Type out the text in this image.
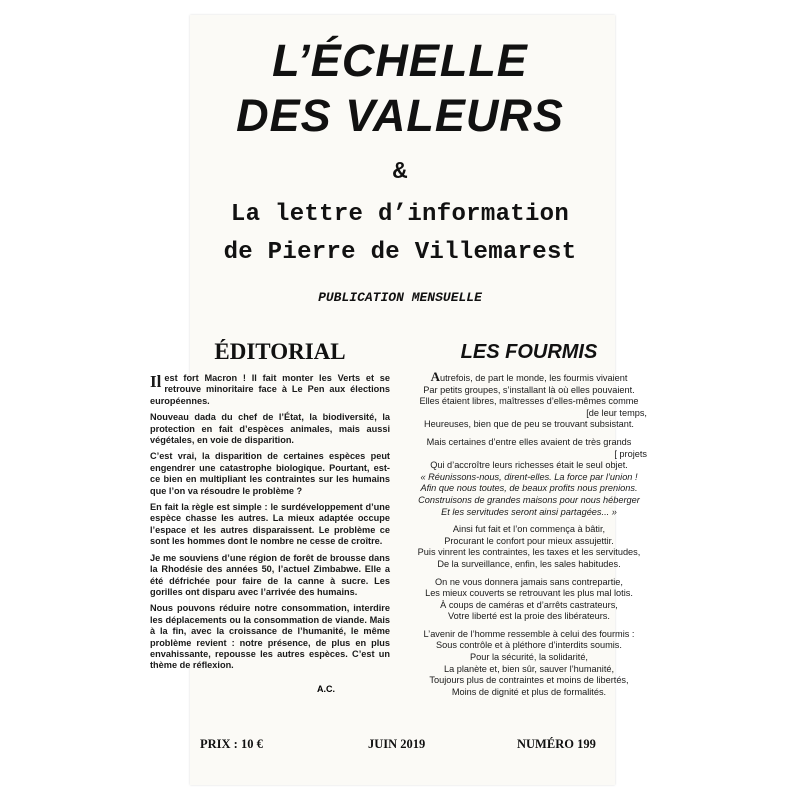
L’ÉCHELLE
DES VALEURS
&
La lettre d’information
de Pierre de Villemarest
PUBLICATION MENSUELLE
ÉDITORIAL

Il est fort Macron ! Il fait monter les Verts et se retrouve minoritaire face à Le Pen aux élections européennes.

Nouveau dada du chef de l’État, la biodiversité, la protection en fait d’espèces animales, mais aussi végétales, en voie de disparition.

C’est vrai, la disparition de certaines espèces peut engendrer une catastrophe biologique. Pourtant, est-ce bien en multipliant les contraintes sur les humains que l’on va résoudre le problème ?

En fait la règle est simple : le surdéveloppement d’une espèce chasse les autres. La mieux adaptée occupe l’espace et les autres disparaissent. Le problème ce sont les hommes dont le nombre ne cesse de croître.

Je me souviens d’une région de forêt de brousse dans la Rhodésie des années 50, l’actuel Zimbabwe. Elle a été défrichée pour faire de la canne à sucre. Les gorilles ont disparu avec l’arrivée des humains.

Nous pouvons réduire notre consommation, interdire les déplacements ou la consommation de viande. Mais à la fin, avec la croissance de l’humanité, le même problème revient : notre présence, de plus en plus envahissante, repousse les autres espèces. C’est un thème de réflexion.

A.C.
LES FOURMIS
Autrefois, de part le monde, les fourmis vivaient
Par petits groupes, s’installant là où elles pouvaient.
Elles étaient libres, maîtresses d’elles-mêmes comme
[de leur temps,
Heureuses, bien que de peu se trouvant subsistant.
Mais certaines d’entre elles avaient de très grands
[ projets
Qui d’accroître leurs richesses était le seul objet.
« Réunissons-nous, dirent-elles. La force par l’union !
Afin que nous toutes, de beaux profits nous prenions.
Construisons de grandes maisons pour nous héberger
Et les servitudes seront ainsi partagées... »
Ainsi fut fait et l’on commença à bâtir,
Procurant le confort pour mieux assujettir.
Puis vinrent les contraintes, les taxes et les servitudes,
De la surveillance, enfin, les sales habitudes.
On ne vous donnera jamais sans contrepartie,
Les mieux couverts se retrouvant les plus mal lotis.
À coups de caméras et d’arrêts castrateurs,
Votre liberté est la proie des libérateurs.
L’avenir de l’homme ressemble à celui des fourmis :
Sous contrôle et à pléthore d’interdits soumis.
Pour la sécurité, la solidarité,
La planète et, bien sûr, sauver l’humanité,
Toujours plus de contraintes et moins de libertés,
Moins de dignité et plus de formalités.
PRIX : 10 €	JUIN 2019	NUMÉRO 199
